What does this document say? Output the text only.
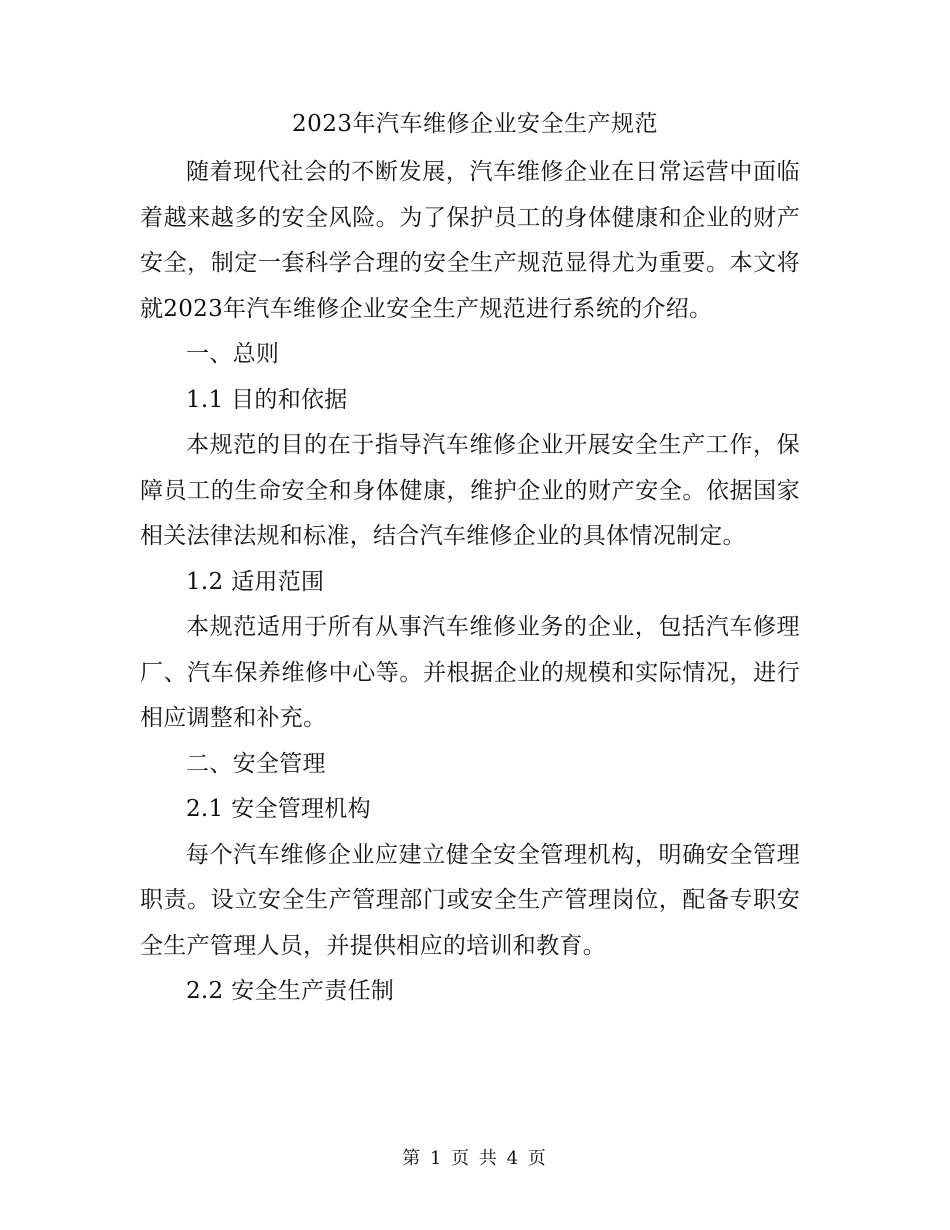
2023年汽车维修企业安全生产规范

随着现代社会的不断发展，汽车维修企业在日常运营中面临着越来越多的安全风险。为了保护员工的身体健康和企业的财产安全，制定一套科学合理的安全生产规范显得尤为重要。本文将就2023年汽车维修企业安全生产规范进行系统的介绍。

一、总则

1.1 目的和依据

本规范的目的在于指导汽车维修企业开展安全生产工作，保障员工的生命安全和身体健康，维护企业的财产安全。依据国家相关法律法规和标准，结合汽车维修企业的具体情况制定。

1.2 适用范围

本规范适用于所有从事汽车维修业务的企业，包括汽车修理厂、汽车保养维修中心等。并根据企业的规模和实际情况，进行相应调整和补充。

二、安全管理

2.1 安全管理机构

每个汽车维修企业应建立健全安全管理机构，明确安全管理职责。设立安全生产管理部门或安全生产管理岗位，配备专职安全生产管理人员，并提供相应的培训和教育。

2.2 安全生产责任制

第 1 页 共 4 页
